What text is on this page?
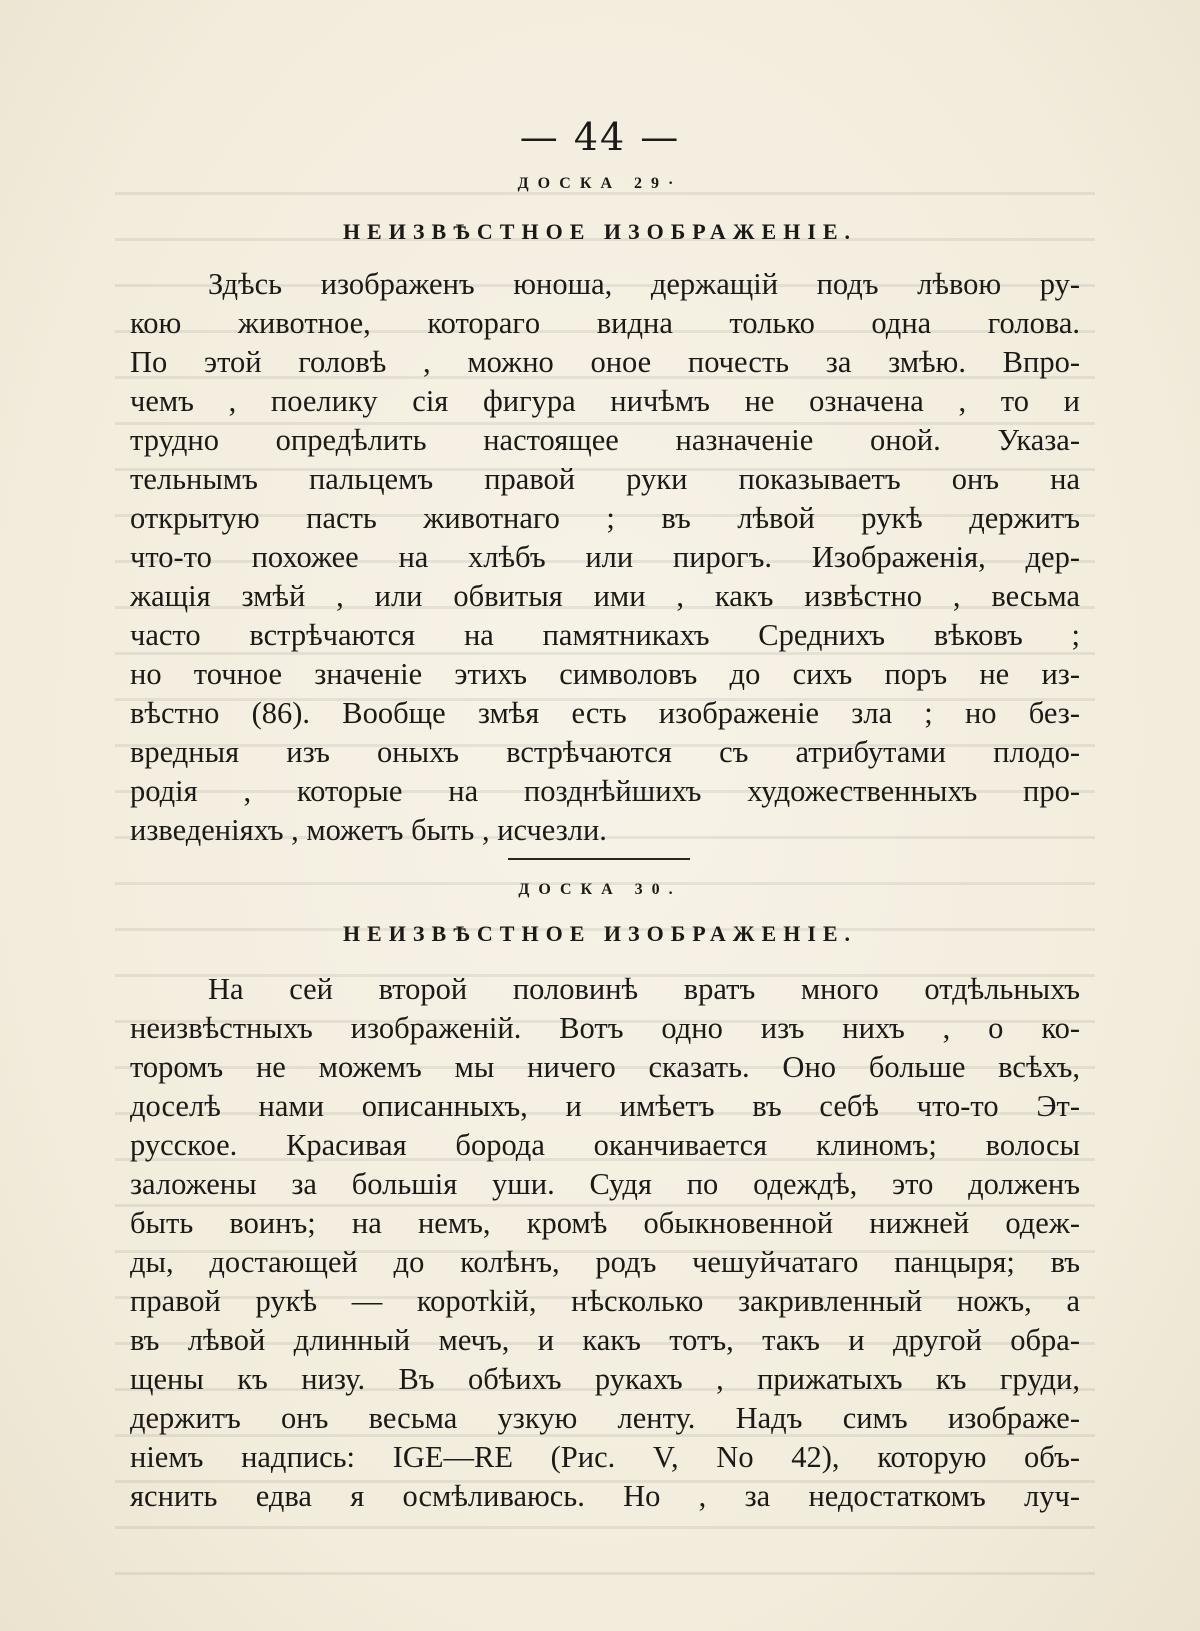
— 44 —
ДОСКА 29·
НЕИЗВѢСТНОЕ ИЗОБРАЖЕНІЕ.
Здѣсь изображенъ юноша, держащій подъ лѣвою ру-
кою животное, которагo видна только одна голова.
По этой головѣ , можно оное почесть за змѣю. Впро-
чемъ , поелику сія фигура ничѣмъ не означена , то и
трудно опредѣлить настоящее назначеніе оной. Указа-
тельнымъ пальцемъ правой руки показываетъ онъ на
открытую пасть животнаго ; въ лѣвой рукѣ держитъ
что-то похожее на хлѣбъ или пирогъ. Изображенія, дер-
жащія змѣй , или обвитыя ими , какъ извѣстно , весьма
часто встрѣчаются на памятникахъ Среднихъ вѣковъ ;
но точное значеніе этихъ символовъ до сихъ поръ не из-
вѣстно (86). Вообще змѣя есть изображеніе зла ; но без-
вредныя изъ оныхъ встрѣчаются съ атрибутами плодо-
родія , которые на позднѣйшихъ художественныхъ про-
изведеніяхъ , можетъ быть , исчезли.
ДОСКА 30.
НЕИЗВѢСТНОЕ ИЗОБРАЖЕНІЕ.
На сей второй половинѣ вратъ много отдѣльныхъ
неизвѣстныхъ изображеній. Вотъ одно изъ нихъ , о ко-
торомъ не можемъ мы ничего сказать. Оно больше всѣхъ,
доселѣ нами описанныхъ, и имѣетъ въ себѣ что-то Эт-
русское. Красивая борода оканчивается клиномъ; волосы
заложены за большія уши. Судя по одеждѣ, это долженъ
быть воинъ; на немъ, кромѣ обыкновенной нижней одеж-
ды, достающей до колѣнъ, родъ чешуйчатаго панцыря; въ
правой рукѣ — коротkій, нѣсколько закривленный ножъ, а
въ лѣвой длинный мечъ, и какъ тотъ, такъ и другой обра-
щены къ низу. Въ обѣихъ рукахъ , прижатыхъ къ груди,
держитъ онъ весьма узкую ленту. Надъ симъ изображе-
ніемъ надпись: IGE—RE (Рис. V, No 42), которую объ-
яснить едва я осмѣливаюсь. Но , за недостаткомъ луч-
